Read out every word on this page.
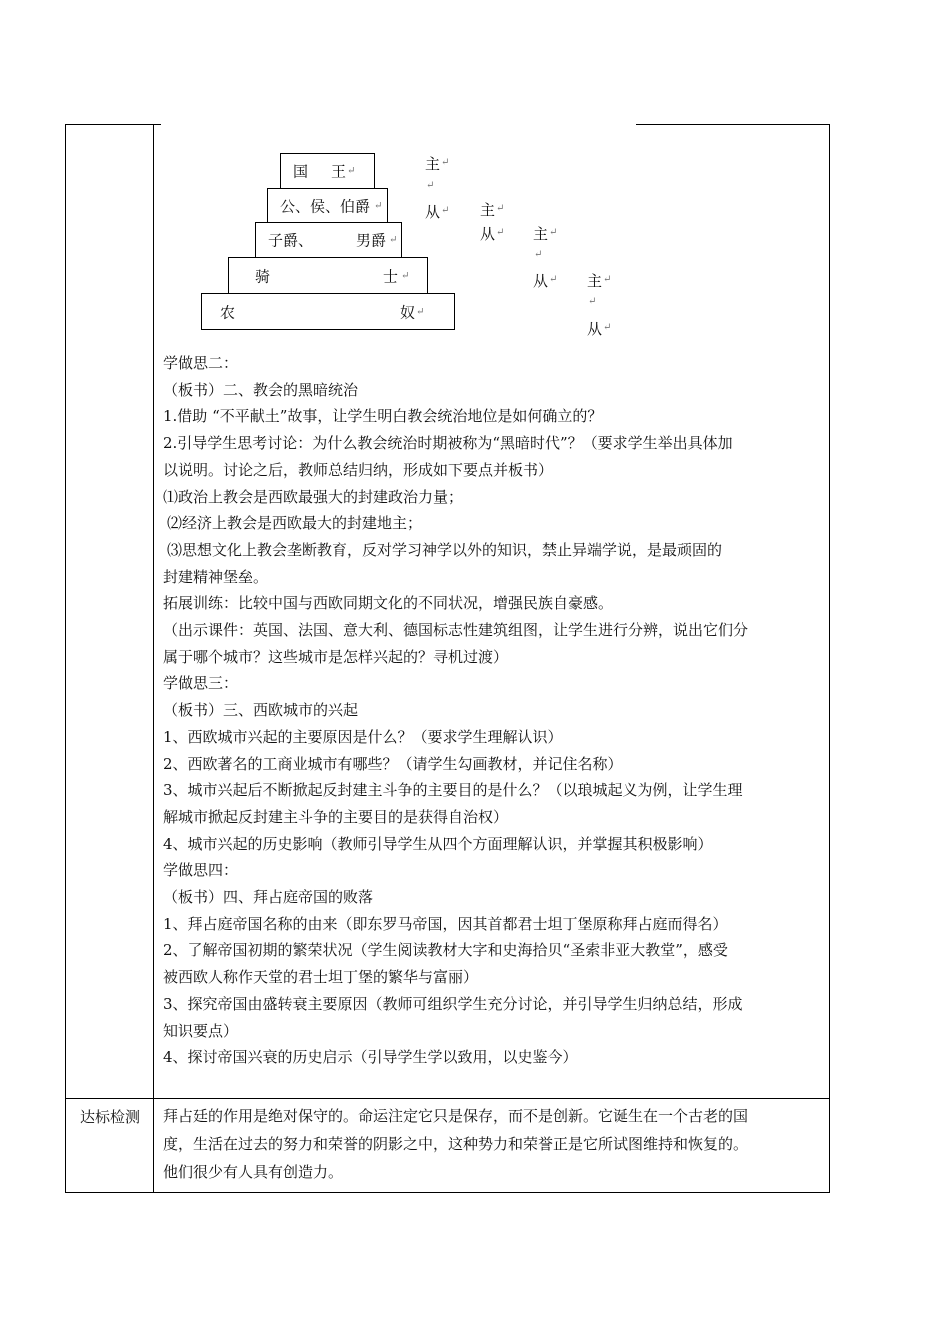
国 王 ↵
公、侯、伯爵 ↵
子爵、	男爵 ↵
骑	士 ↵
农	奴 ↵
主 ↵
↵
从 ↵ 主 ↵
从 ↵ 主 ↵
↵
从 ↵ 主 ↵
↵
从 ↵

学做思二：

（板书）二、教会的黑暗统治

1.借助 “不平献土”故事，让学生明白教会统治地位是如何确立的？

2.引导学生思考讨论：为什么教会统治时期被称为“黑暗时代”？（要求学生举出具体加

以说明。讨论之后，教师总结归纳，形成如下要点并板书）

⑴政治上教会是西欧最强大的封建政治力量；

⑵经济上教会是西欧最大的封建地主；

⑶思想文化上教会垄断教育，反对学习神学以外的知识，禁止异端学说，是最顽固的

封建精神堡垒。

拓展训练：比较中国与西欧同期文化的不同状况，增强民族自豪感。

（出示课件：英国、法国、意大利、德国标志性建筑组图，让学生进行分辨，说出它们分

属于哪个城市？这些城市是怎样兴起的？寻机过渡）

学做思三：

（板书）三、西欧城市的兴起

1、西欧城市兴起的主要原因是什么？（要求学生理解认识）

2、西欧著名的工商业城市有哪些？（请学生勾画教材，并记住名称）

3、城市兴起后不断掀起反封建主斗争的主要目的是什么？（以琅城起义为例，让学生理

解城市掀起反封建主斗争的主要目的是获得自治权）

4、城市兴起的历史影响（教师引导学生从四个方面理解认识，并掌握其积极影响）

学做思四：

（板书）四、拜占庭帝国的败落

1、拜占庭帝国名称的由来（即东罗马帝国，因其首都君士坦丁堡原称拜占庭而得名）

2、了解帝国初期的繁荣状况（学生阅读教材大字和史海拾贝“圣索非亚大教堂”，感受

被西欧人称作天堂的君士坦丁堡的繁华与富丽）

3、探究帝国由盛转衰主要原因（教师可组织学生充分讨论，并引导学生归纳总结，形成

知识要点）

4、探讨帝国兴衰的历史启示（引导学生学以致用，以史鉴今）

达标检测	拜占廷的作用是绝对保守的。命运注定它只是保存，而不是创新。它诞生在一个古老的国
度，生活在过去的努力和荣誉的阴影之中，这种势力和荣誉正是它所试图维持和恢复的。
他们很少有人具有创造力。
